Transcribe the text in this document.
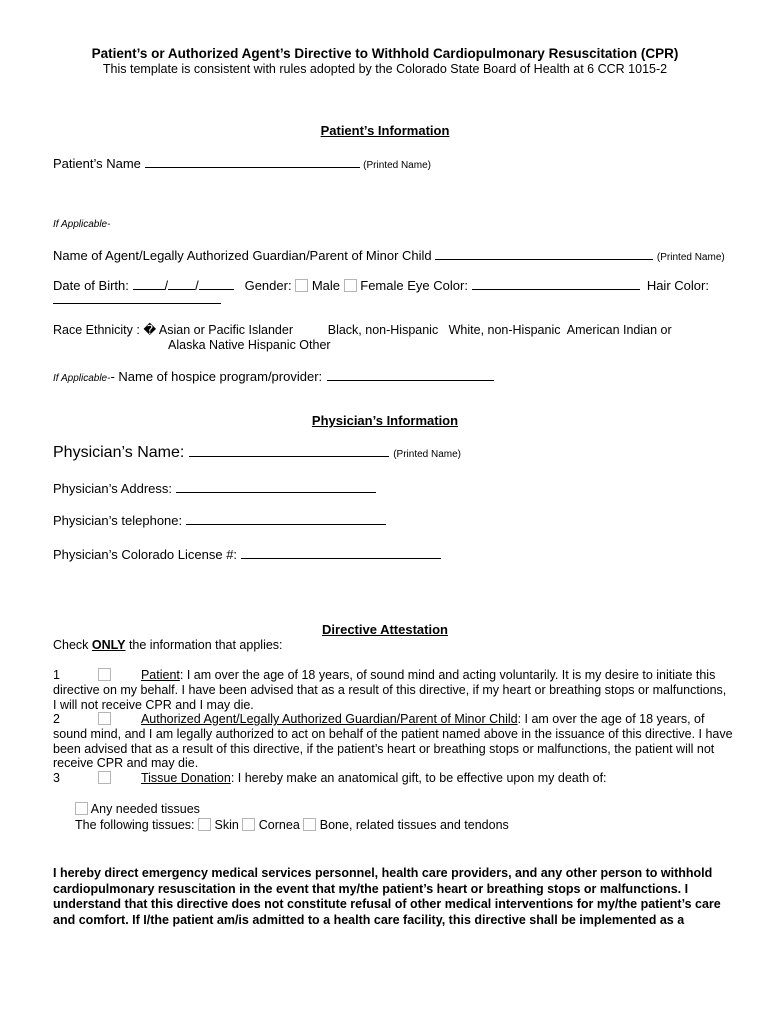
Patient’s or Authorized Agent’s Directive to Withhold Cardiopulmonary Resuscitation (CPR)
This template is consistent with rules adopted by the Colorado State Board of Health at 6 CCR 1015-2
Patient’s Information
Patient’s Name	(Printed Name)
If Applicable-
Name of Agent/Legally Authorized Guardian/Parent of Minor Child	(Printed Name)
Date of Birth:	/ /	Gender: Male Female Eye Color:	Hair Color:
Race Ethnicity : � Asian or Pacific Islander          Black, non-Hispanic   White, non-Hispanic  American Indian or
Alaska Native Hispanic Other
If Applicable-- Name of hospice program/provider:
Physician’s Information
Physician’s Name:	(Printed Name)
Physician’s Address:
Physician’s telephone:
Physician’s Colorado License #:
Directive Attestation
Check ONLY the information that applies:
1	Patient: I am over the age of 18 years, of sound mind and acting voluntarily. It is my desire to initiate this directive on my behalf. I have been advised that as a result of this directive, if my heart or breathing stops or malfunctions, I will not receive CPR and I may die.
2	Authorized Agent/Legally Authorized Guardian/Parent of Minor Child: I am over the age of 18 years, of sound mind, and I am legally authorized to act on behalf of the patient named above in the issuance of this directive. I have been advised that as a result of this directive, if the patient’s heart or breathing stops or malfunctions, the patient will not receive CPR and may die.
3	Tissue Donation: I hereby make an anatomical gift, to be effective upon my death of:
Any needed tissues
The following tissues: Skin Cornea Bone, related tissues and tendons
I hereby direct emergency medical services personnel, health care providers, and any other person to withhold cardiopulmonary resuscitation in the event that my/the patient’s heart or breathing stops or malfunctions. I understand that this directive does not constitute refusal of other medical interventions for my/the patient’s care and comfort. If I/the patient am/is admitted to a health care facility, this directive shall be implemented as a
